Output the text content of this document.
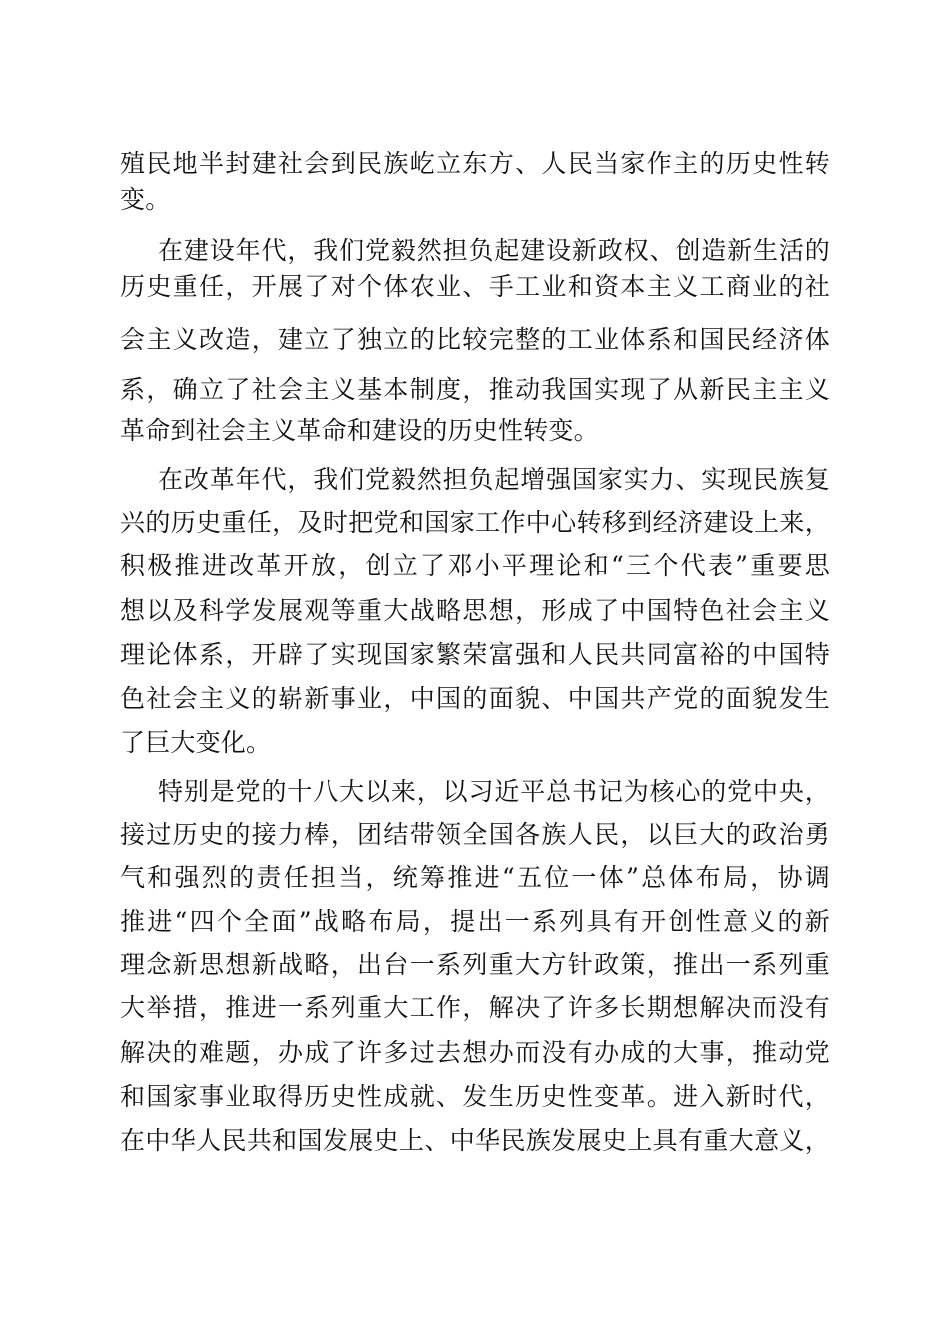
殖民地半封建社会到民族屹立东方、人民当家作主的历史性转
变。
在建设年代，我们党毅然担负起建设新政权、创造新生活的
历史重任，开展了对个体农业、手工业和资本主义工商业的社
会主义改造，建立了独立的比较完整的工业体系和国民经济体
系，确立了社会主义基本制度，推动我国实现了从新民主主义
革命到社会主义革命和建设的历史性转变。
在改革年代，我们党毅然担负起增强国家实力、实现民族复
兴的历史重任，及时把党和国家工作中心转移到经济建设上来，
积极推进改革开放，创立了邓小平理论和“三个代表”重要思
想以及科学发展观等重大战略思想，形成了中国特色社会主义
理论体系，开辟了实现国家繁荣富强和人民共同富裕的中国特
色社会主义的崭新事业，中国的面貌、中国共产党的面貌发生
了巨大变化。
特别是党的十八大以来，以习近平总书记为核心的党中央，
接过历史的接力棒，团结带领全国各族人民，以巨大的政治勇
气和强烈的责任担当，统筹推进“五位一体”总体布局，协调
推进“四个全面”战略布局，提出一系列具有开创性意义的新
理念新思想新战略，出台一系列重大方针政策，推出一系列重
大举措，推进一系列重大工作，解决了许多长期想解决而没有
解决的难题，办成了许多过去想办而没有办成的大事，推动党
和国家事业取得历史性成就、发生历史性变革。进入新时代，
在中华人民共和国发展史上、中华民族发展史上具有重大意义，
